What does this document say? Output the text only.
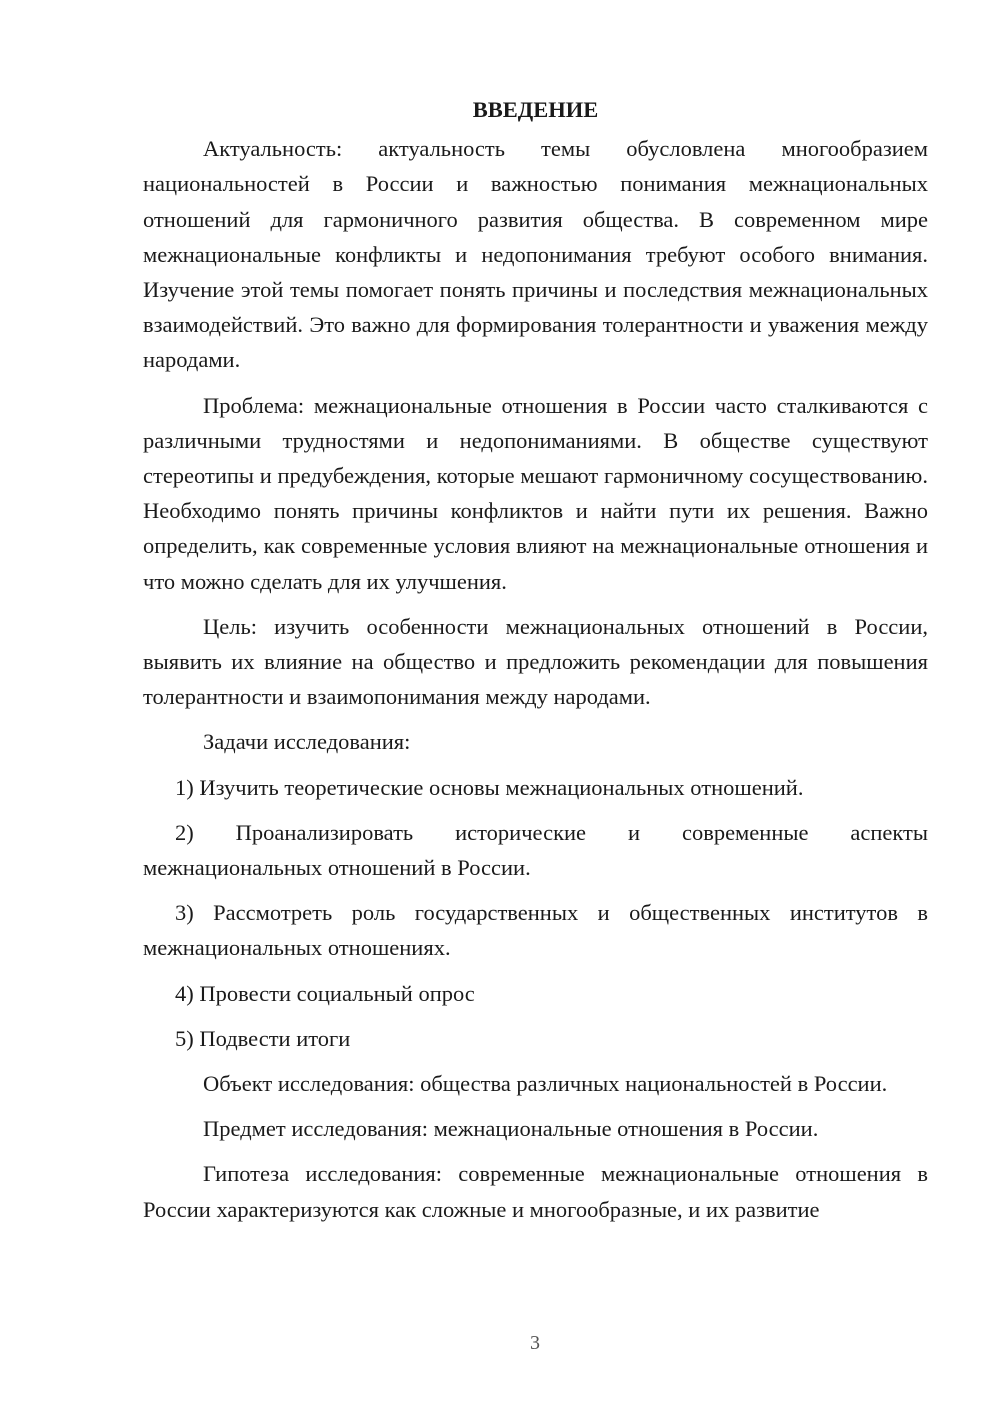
ВВЕДЕНИЕ

Актуальность: актуальность темы обусловлена многообразием национальностей в России и важностью понимания межнациональных отношений для гармоничного развития общества. В современном мире межнациональные конфликты и недопонимания требуют особого внимания. Изучение этой темы помогает понять причины и последствия межнациональных взаимодействий. Это важно для формирования толерантности и уважения между народами.

Проблема: межнациональные отношения в России часто сталкиваются с различными трудностями и недопониманиями. В обществе существуют стереотипы и предубеждения, которые мешают гармоничному сосуществованию. Необходимо понять причины конфликтов и найти пути их решения. Важно определить, как современные условия влияют на межнациональные отношения и что можно сделать для их улучшения.

Цель: изучить особенности межнациональных отношений в России, выявить их влияние на общество и предложить рекомендации для повышения толерантности и взаимопонимания между народами.

Задачи исследования:

1) Изучить теоретические основы межнациональных отношений.

2) Проанализировать исторические и современные аспекты межнациональных отношений в России.

3) Рассмотреть роль государственных и общественных институтов в межнациональных отношениях.

4) Провести социальный опрос

5) Подвести итоги

Объект исследования: общества различных национальностей в России.

Предмет исследования: межнациональные отношения в России.

Гипотеза исследования: современные межнациональные отношения в России характеризуются как сложные и многообразные, и их развитие

3
